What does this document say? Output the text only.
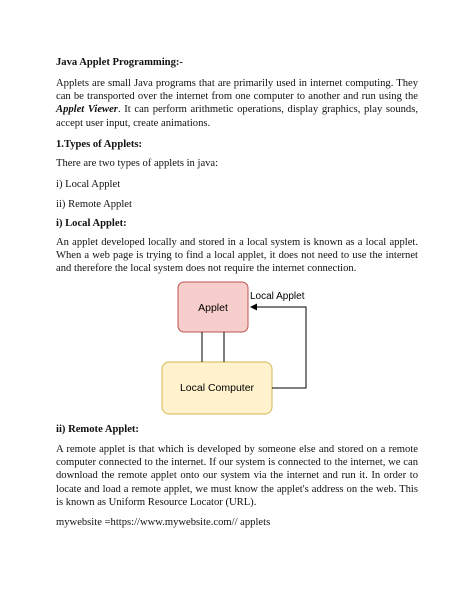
Java Applet Programming:-

Applets are small Java programs that are primarily used in internet computing. They can be transported over the internet from one computer to another and run using the Applet Viewer. It can perform arithmetic operations, display graphics, play sounds, accept user input, create animations.

1.Types of Applets:

There are two types of applets in java:

i) Local Applet

ii) Remote Applet

i) Local Applet:

An applet developed locally and stored in a local system is known as a local applet. When a web page is trying to find a local applet, it does not need to use the internet and therefore the local system does not require the internet connection.

Applet
Local Computer
Local Applet

ii) Remote Applet:

A remote applet is that which is developed by someone else and stored on a remote computer connected to the internet. If our system is connected to the internet, we can download the remote applet onto our system via the internet and run it. In order to locate and load a remote applet, we must know the applet's address on the web. This is known as Uniform Resource Locator (URL).

mywebsite =https://www.mywebsite.com// applets
